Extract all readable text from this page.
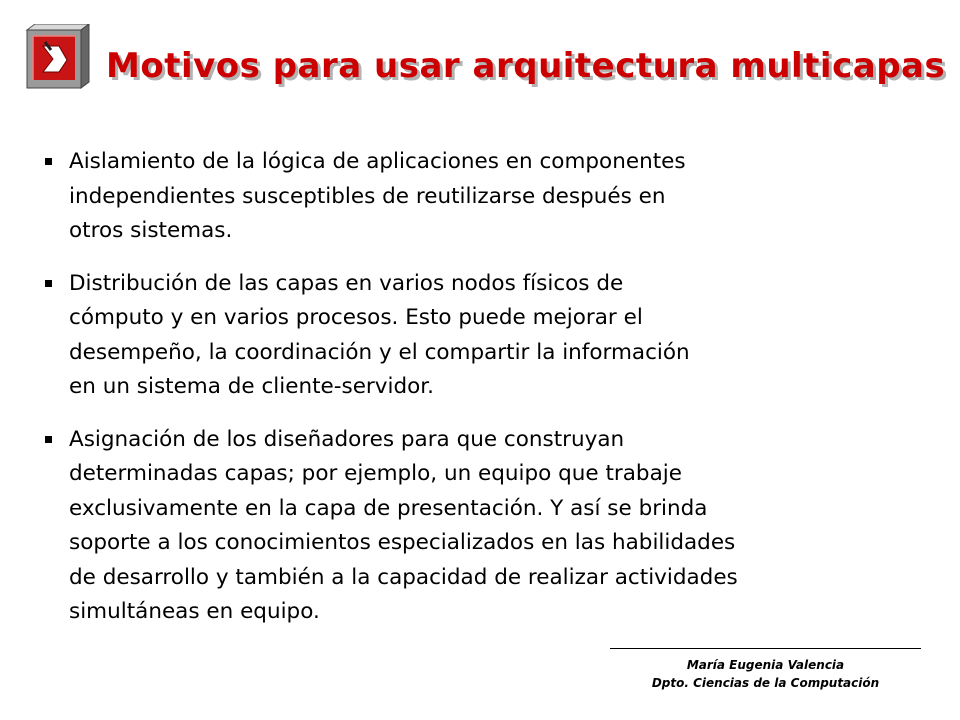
Motivos para usar arquitectura multicapas
Aislamiento de la lógica de aplicaciones en componentes
independientes susceptibles de reutilizarse después en
otros sistemas.
Distribución de las capas en varios nodos físicos de
cómputo y en varios procesos. Esto puede mejorar el
desempeño, la coordinación y el compartir la información
en un sistema de cliente-servidor.
Asignación de los diseñadores para que construyan
determinadas capas; por ejemplo, un equipo que trabaje
exclusivamente en la capa de presentación. Y así se brinda
soporte a los conocimientos especializados en las habilidades
de desarrollo y también a la capacidad de realizar actividades
simultáneas en equipo.
María Eugenia Valencia
Dpto. Ciencias de la Computación
